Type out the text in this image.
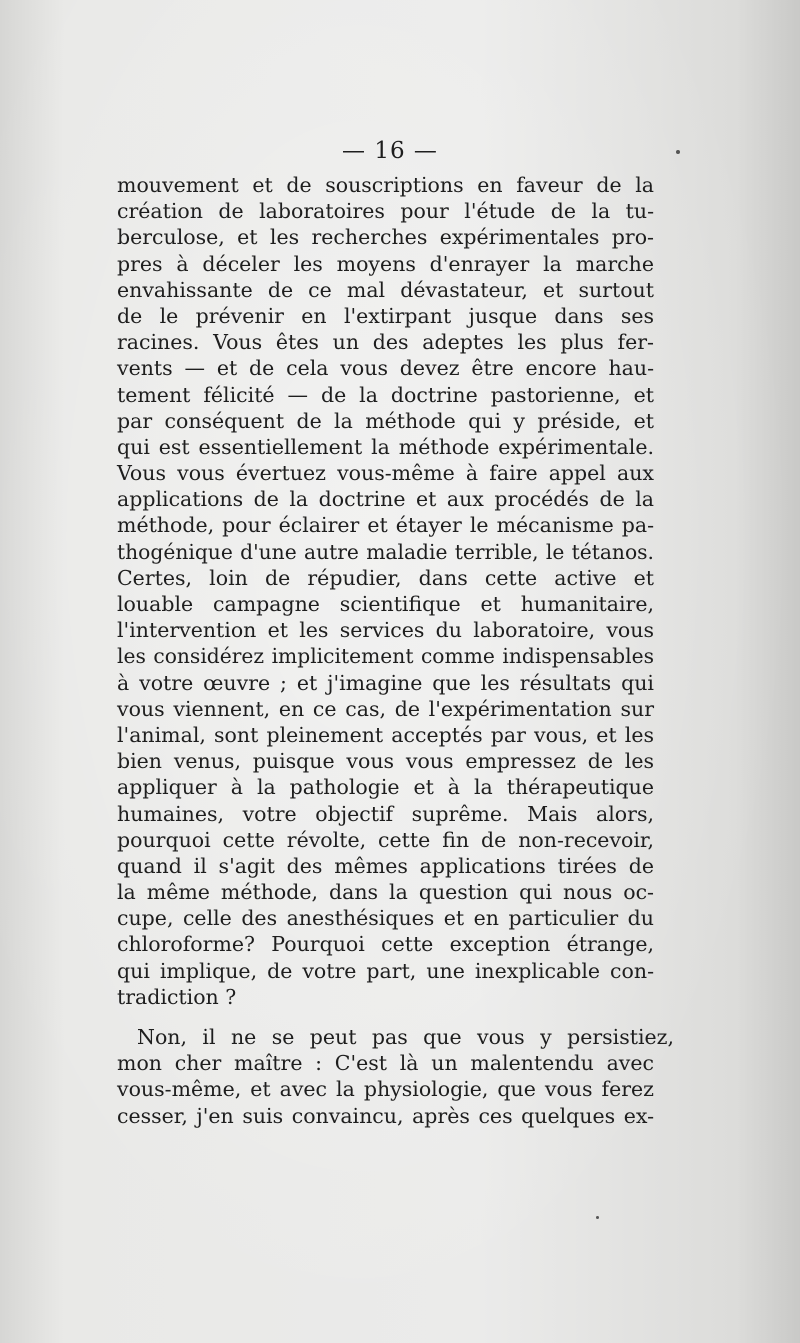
— 16 —
mouvement et de souscriptions en faveur de la
création de laboratoires pour l'étude de la tu-
berculose, et les recherches expérimentales pro-
pres à déceler les moyens d'enrayer la marche
envahissante de ce mal dévastateur, et surtout
de le prévenir en l'extirpant jusque dans ses
racines. Vous êtes un des adeptes les plus fer-
vents — et de cela vous devez être encore hau-
tement félicité — de la doctrine pastorienne, et
par conséquent de la méthode qui y préside, et
qui est essentiellement la méthode expérimentale.
Vous vous évertuez vous-même à faire appel aux
applications de la doctrine et aux procédés de la
méthode, pour éclairer et étayer le mécanisme pa-
thogénique d'une autre maladie terrible, le tétanos.
Certes, loin de répudier, dans cette active et
louable campagne scientifique et humanitaire,
l'intervention et les services du laboratoire, vous
les considérez implicitement comme indispensables
à votre œuvre ; et j'imagine que les résultats qui
vous viennent, en ce cas, de l'expérimentation sur
l'animal, sont pleinement acceptés par vous, et les
bien venus, puisque vous vous empressez de les
appliquer à la pathologie et à la thérapeutique
humaines, votre objectif suprême. Mais alors,
pourquoi cette révolte, cette fin de non-recevoir,
quand il s'agit des mêmes applications tirées de
la même méthode, dans la question qui nous oc-
cupe, celle des anesthésiques et en particulier du
chloroforme? Pourquoi cette exception étrange,
qui implique, de votre part, une inexplicable con-
tradiction ?
Non, il ne se peut pas que vous y persistiez,
mon cher maître : C'est là un malentendu avec
vous-même, et avec la physiologie, que vous ferez
cesser, j'en suis convaincu, après ces quelques ex-
